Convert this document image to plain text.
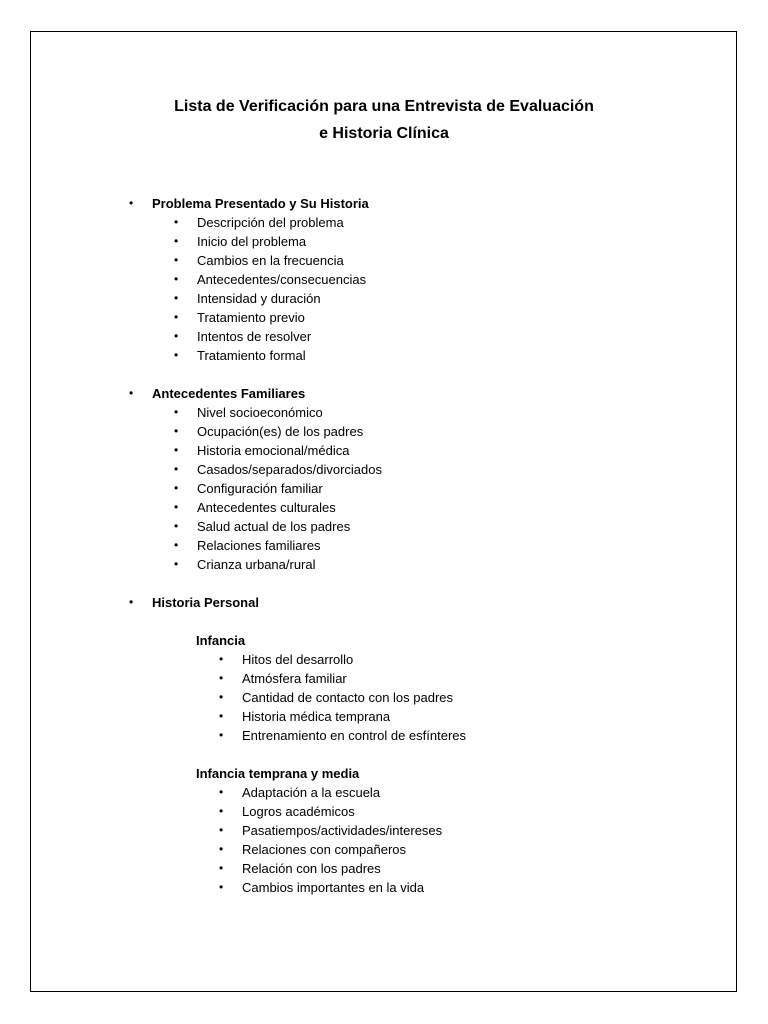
Lista de Verificación para una Entrevista de Evaluación
e Historia Clínica
• Problema Presentado y Su Historia
• Descripción del problema
• Inicio del problema
• Cambios en la frecuencia
• Antecedentes/consecuencias
• Intensidad y duración
• Tratamiento previo
• Intentos de resolver
• Tratamiento formal
• Antecedentes Familiares
• Nivel socioeconómico
• Ocupación(es) de los padres
• Historia emocional/médica
• Casados/separados/divorciados
• Configuración familiar
• Antecedentes culturales
• Salud actual de los padres
• Relaciones familiares
• Crianza urbana/rural
• Historia Personal
Infancia
• Hitos del desarrollo
• Atmósfera familiar
• Cantidad de contacto con los padres
• Historia médica temprana
• Entrenamiento en control de esfínteres
Infancia temprana y media
• Adaptación a la escuela
• Logros académicos
• Pasatiempos/actividades/intereses
• Relaciones con compañeros
• Relación con los padres
• Cambios importantes en la vida
